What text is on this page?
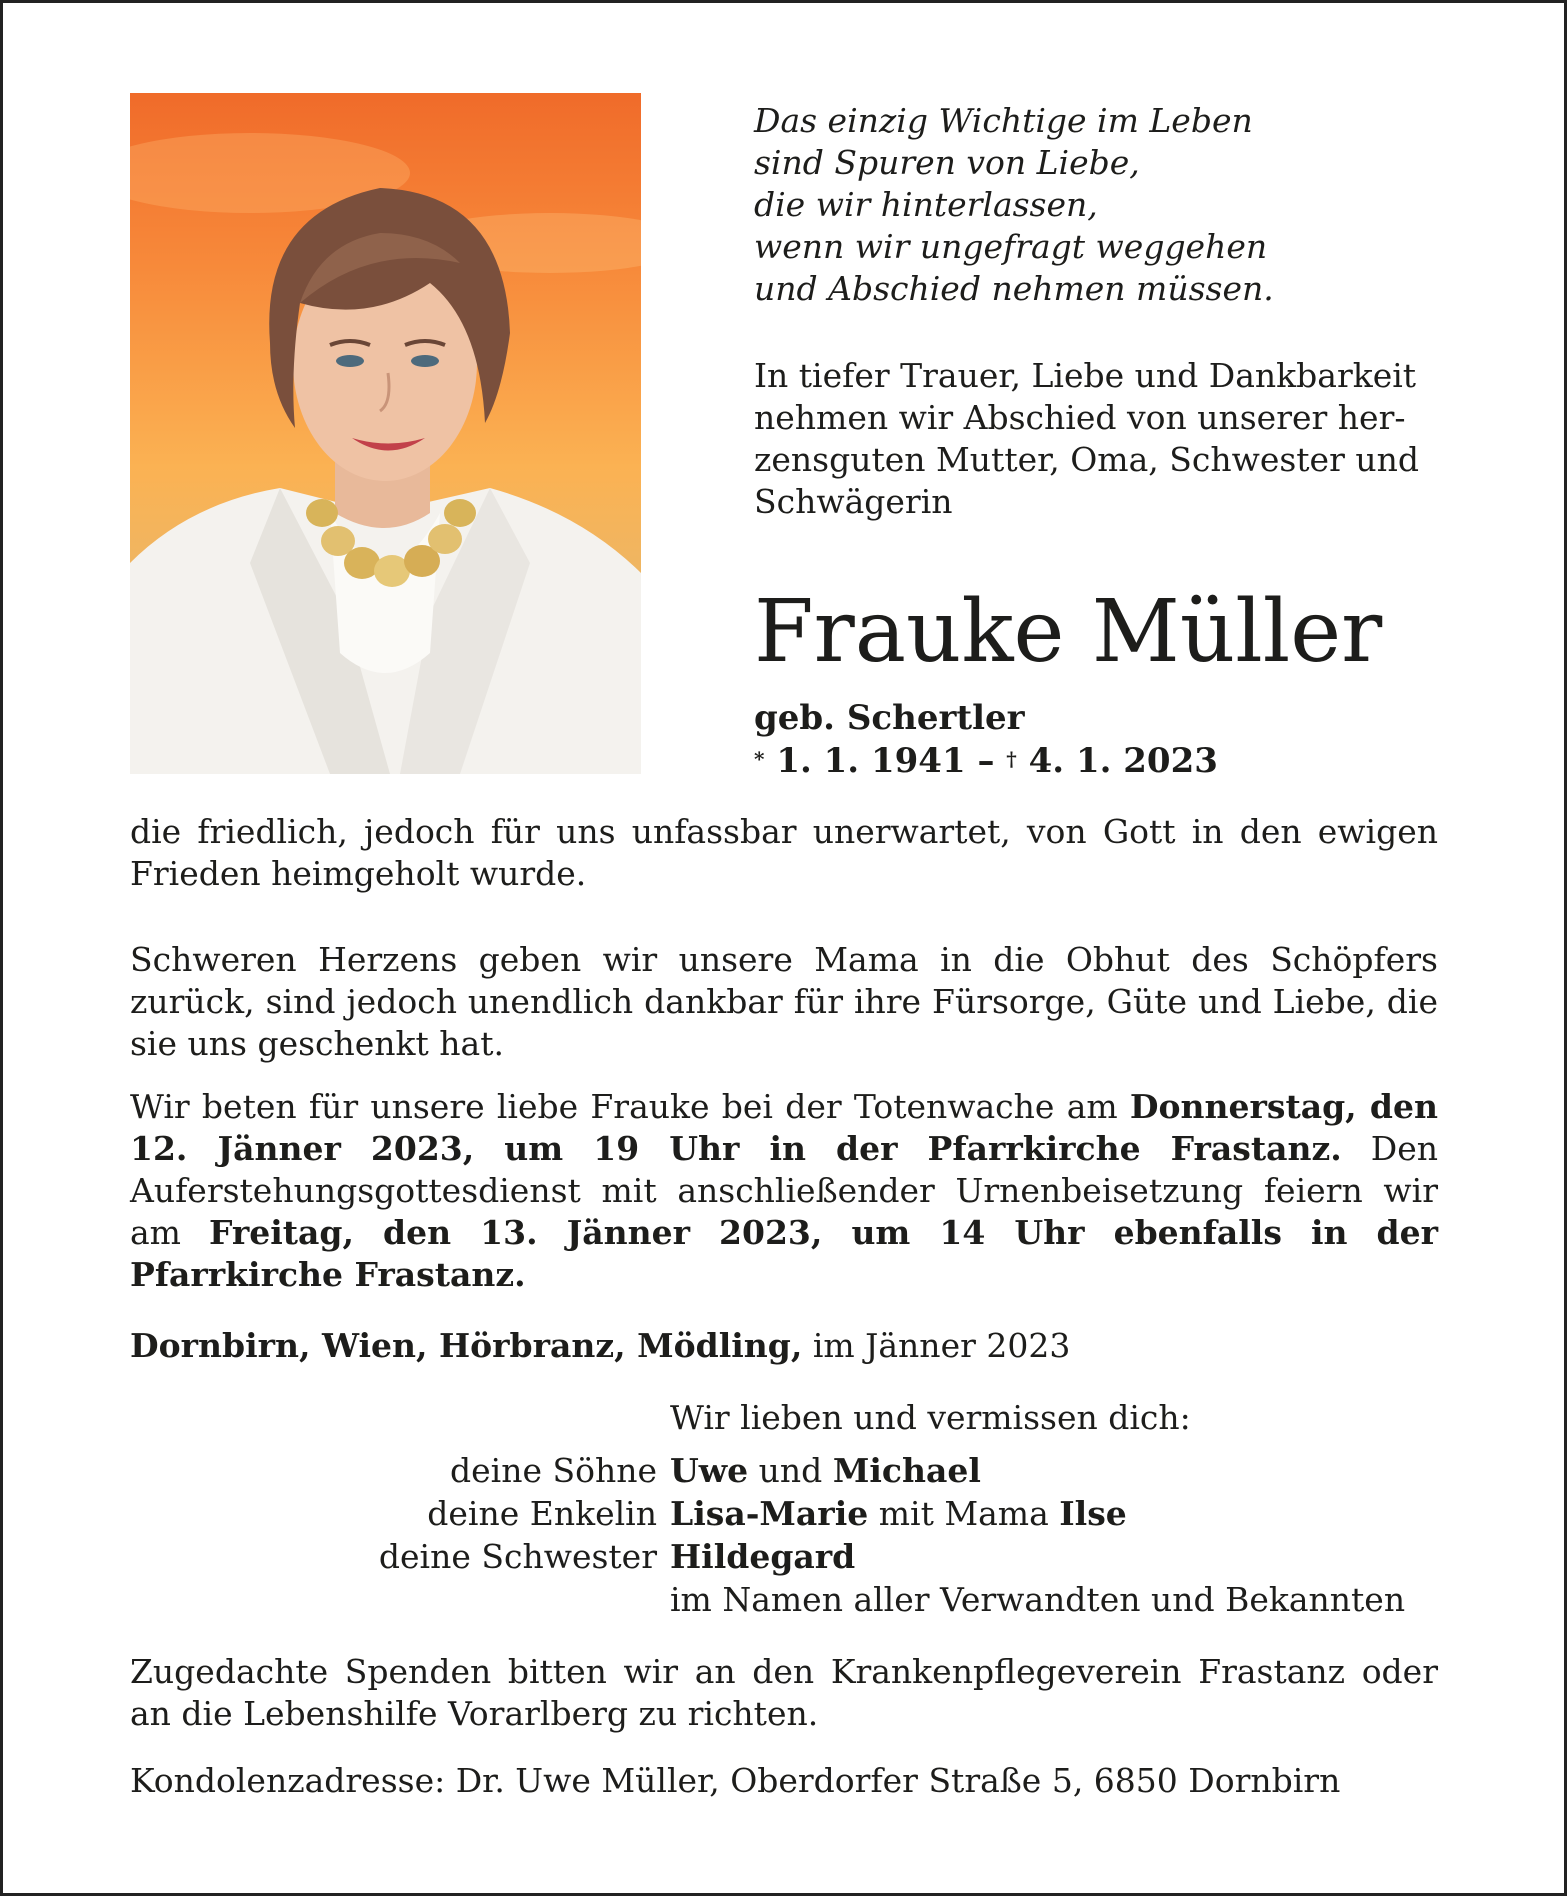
Das einzig Wichtige im Leben
sind Spuren von Liebe,
die wir hinterlassen,
wenn wir ungefragt weggehen
und Abschied nehmen müssen.
In tiefer Trauer, Liebe und Dankbarkeit
nehmen wir Abschied von unserer her-
zensguten Mutter, Oma, Schwester und
Schwägerin
Frauke Müller
geb. Schertler
* 1. 1. 1941 – † 4. 1. 2023

die friedlich, jedoch für uns unfassbar unerwartet, von Gott in den ewigen Frieden heimgeholt wurde.

Schweren Herzens geben wir unsere Mama in die Obhut des Schöpfers zurück, sind jedoch unendlich dankbar für ihre Fürsorge, Güte und Liebe, die sie uns geschenkt hat.

Wir beten für unsere liebe Frauke bei der Totenwache am Donnerstag, den 12. Jänner 2023, um 19 Uhr in der Pfarrkirche Frastanz. Den Auferstehungsgottesdienst mit anschließender Urnenbeisetzung feiern wir am Freitag, den 13. Jänner 2023, um 14 Uhr ebenfalls in der Pfarrkirche Frastanz.

Dornbirn, Wien, Hörbranz, Mödling, im Jänner 2023
Wir lieben und vermissen dich:
deine Söhne Uwe und Michael
deine Enkelin Lisa-Marie mit Mama Ilse
deine Schwester Hildegard
im Namen aller Verwandten und Bekannten

Zugedachte Spenden bitten wir an den Krankenpflegeverein Frastanz oder an die Lebenshilfe Vorarlberg zu richten.

Kondolenzadresse: Dr. Uwe Müller, Oberdorfer Straße 5, 6850 Dornbirn
